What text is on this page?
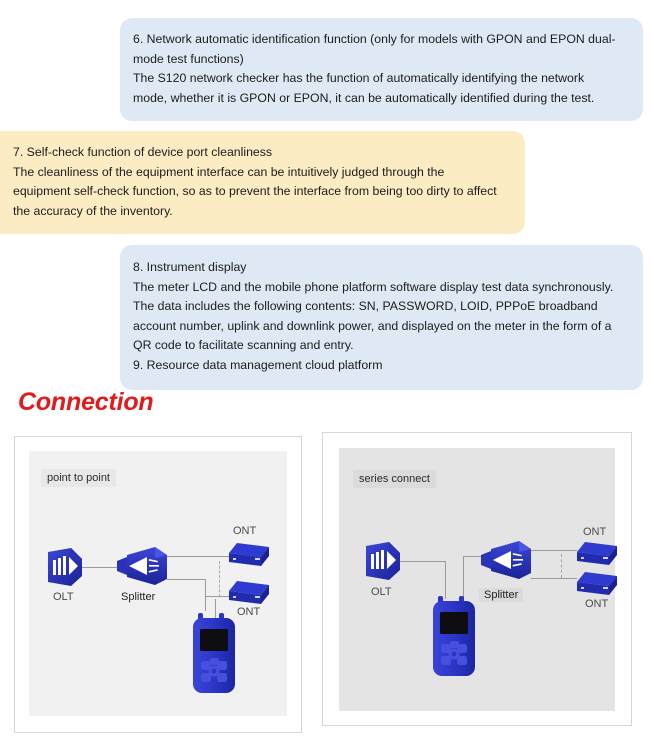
6. Network automatic identification function (only for models with GPON and EPON dual-mode test functions)

The S120 network checker has the function of automatically identifying the network mode, whether it is GPON or EPON, it can be automatically identified during the test.

7. Self-check function of device port cleanliness

The cleanliness of the equipment interface can be intuitively judged through the equipment self-check function, so as to prevent the interface from being too dirty to affect the accuracy of the inventory.

8. Instrument display

The meter LCD and the mobile phone platform software display test data synchronously. The data includes the following contents: SN, PASSWORD, LOID, PPPoE broadband account number, uplink and downlink power, and displayed on the meter in the form of a QR code to facilitate scanning and entry.

9. Resource data management cloud platform

Connection
point to point
OLT	Splitter
ONT
ONT
series connect
OLT	Splitter
ONT
ONT
